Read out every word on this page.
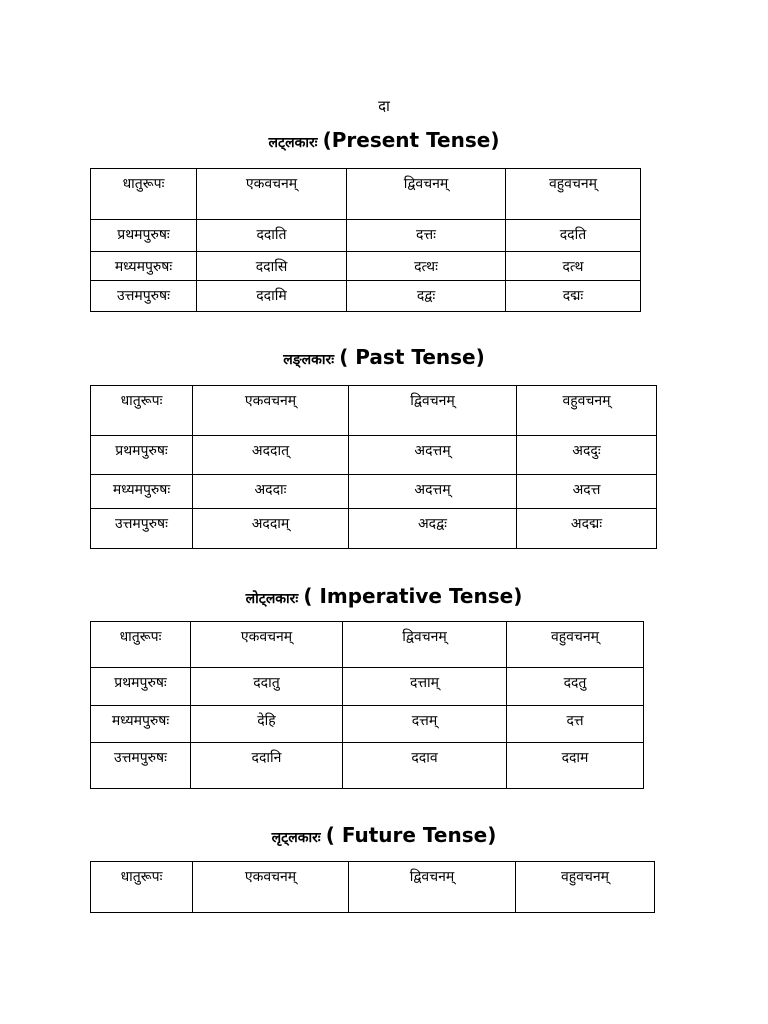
दा
लट्लकारः (Present Tense)
धातुरूपः	एकवचनम्	द्विवचनम्	वहुवचनम्
प्रथमपुरुषः	ददाति	दत्तः	ददति
मध्यमपुरुषः	ददासि	दत्थः	दत्थ
उत्तमपुरुषः	ददामि	दद्वः	दद्मः
लङ्लकारः ( Past Tense)
धातुरूपः	एकवचनम्	द्विवचनम्	वहुवचनम्
प्रथमपुरुषः	अददात्	अदत्तम्	अददुः
मध्यमपुरुषः	अददाः	अदत्तम्	अदत्त
उत्तमपुरुषः	अददाम्	अदद्वः	अदद्मः
लोट्लकारः ( Imperative Tense)
धातुरूपः	एकवचनम्	द्विवचनम्	वहुवचनम्
प्रथमपुरुषः	ददातु	दत्ताम्	ददतु
मध्यमपुरुषः	देहि	दत्तम्	दत्त
उत्तमपुरुषः	ददानि	ददाव	ददाम
लृट्लकारः ( Future Tense)
धातुरूपः	एकवचनम्	द्विवचनम्	वहुवचनम्
